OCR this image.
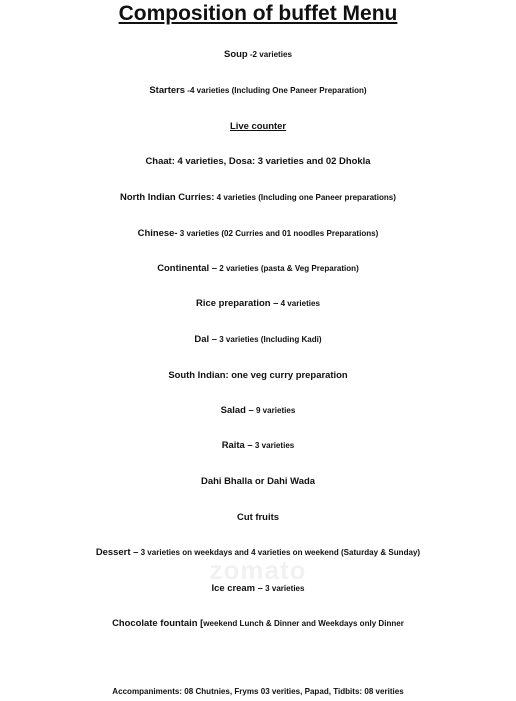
Composition of buffet Menu
Soup -2 varieties
Starters -4 varieties (Including One Paneer Preparation)
Live counter
Chaat: 4 varieties, Dosa: 3 varieties and 02 Dhokla
North Indian Curries: 4 varieties (Including one Paneer preparations)
Chinese- 3 varieties (02 Curries and 01 noodles Preparations)
Continental – 2 varieties (pasta & Veg Preparation)
Rice preparation – 4 varieties
Dal – 3 varieties (Including Kadi)
South Indian: one veg curry preparation
Salad – 9 varieties
Raita – 3 varieties
Dahi Bhalla or Dahi Wada
Cut fruits
Dessert – 3 varieties on weekdays and 4 varieties on weekend (Saturday & Sunday)
Ice cream – 3 varieties
Chocolate fountain [weekend Lunch & Dinner and Weekdays only Dinner
Accompaniments: 08 Chutnies, Fryms 03 verities, Papad, Tidbits: 08 verities
zomato
